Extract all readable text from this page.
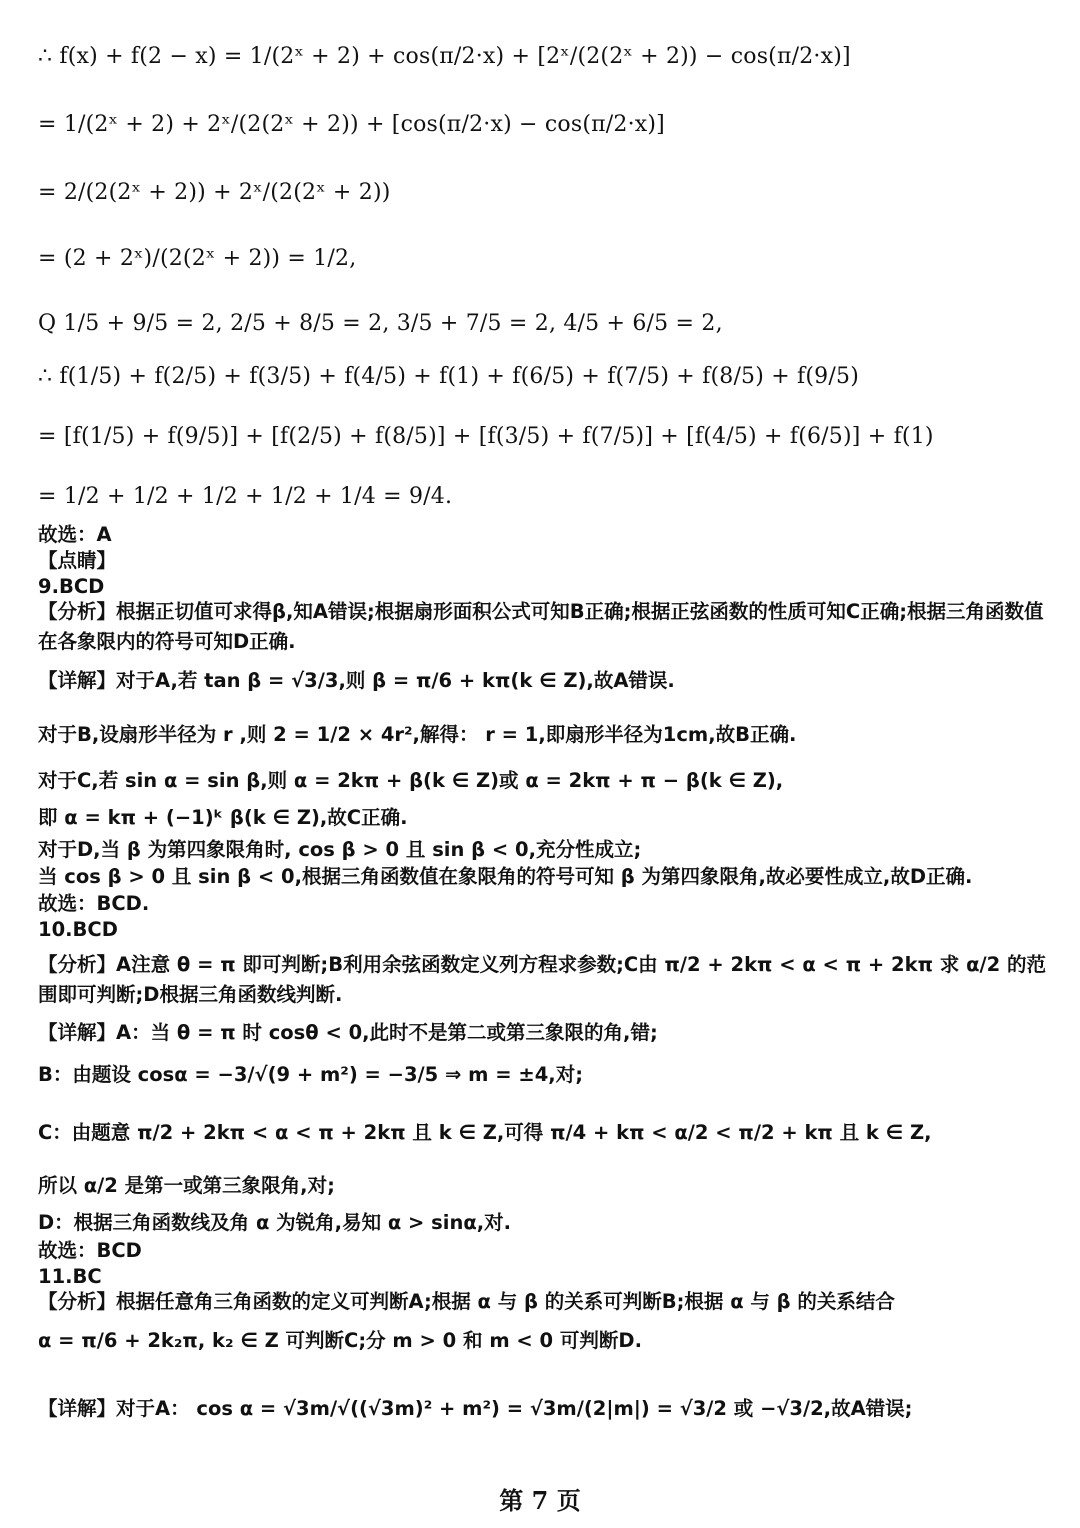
∴ f(x) + f(2 − x) = 1/(2ˣ + 2) + cos(π/2·x) + [2ˣ/(2(2ˣ + 2)) − cos(π/2·x)]
= 1/(2ˣ + 2) + 2ˣ/(2(2ˣ + 2)) + [cos(π/2·x) − cos(π/2·x)]
= 2/(2(2ˣ + 2)) + 2ˣ/(2(2ˣ + 2))
= (2 + 2ˣ)/(2(2ˣ + 2)) = 1/2,
Q 1/5 + 9/5 = 2, 2/5 + 8/5 = 2, 3/5 + 7/5 = 2, 4/5 + 6/5 = 2,
∴ f(1/5) + f(2/5) + f(3/5) + f(4/5) + f(1) + f(6/5) + f(7/5) + f(8/5) + f(9/5)
= [f(1/5) + f(9/5)] + [f(2/5) + f(8/5)] + [f(3/5) + f(7/5)] + [f(4/5) + f(6/5)] + f(1)
= 1/2 + 1/2 + 1/2 + 1/2 + 1/4 = 9/4.
故选：A
【点睛】
9.BCD
【分析】根据正切值可求得β,知A错误;根据扇形面积公式可知B正确;根据正弦函数的性质可知C正确;根据三角函数值在各象限内的符号可知D正确.
【详解】对于A,若 tan β = √3/3,则 β = π/6 + kπ(k ∈ Z),故A错误.
对于B,设扇形半径为 r ,则 2 = 1/2 × 4r²,解得： r = 1,即扇形半径为1cm,故B正确.
对于C,若 sin α = sin β,则 α = 2kπ + β(k ∈ Z)或 α = 2kπ + π − β(k ∈ Z),
即 α = kπ + (−1)ᵏ β(k ∈ Z),故C正确.
对于D,当 β 为第四象限角时, cos β > 0 且 sin β < 0,充分性成立;
当 cos β > 0 且 sin β < 0,根据三角函数值在象限角的符号可知 β 为第四象限角,故必要性成立,故D正确.
故选：BCD.
10.BCD
【分析】A注意 θ = π 即可判断;B利用余弦函数定义列方程求参数;C由 π/2 + 2kπ < α < π + 2kπ 求 α/2 的范围即可判断;D根据三角函数线判断.
【详解】A：当 θ = π 时 cosθ < 0,此时不是第二或第三象限的角,错;
B：由题设 cosα = −3/√(9 + m²) = −3/5 ⇒ m = ±4,对;
C：由题意 π/2 + 2kπ < α < π + 2kπ 且 k ∈ Z,可得 π/4 + kπ < α/2 < π/2 + kπ 且 k ∈ Z,
所以 α/2 是第一或第三象限角,对;
D：根据三角函数线及角 α 为锐角,易知 α > sinα,对.
故选：BCD
11.BC
【分析】根据任意角三角函数的定义可判断A;根据 α 与 β 的关系可判断B;根据 α 与 β 的关系结合
α = π/6 + 2k₂π, k₂ ∈ Z 可判断C;分 m > 0 和 m < 0 可判断D.
【详解】对于A： cos α = √3m/√((√3m)² + m²) = √3m/(2|m|) = √3/2 或 −√3/2,故A错误;
第 7 页
